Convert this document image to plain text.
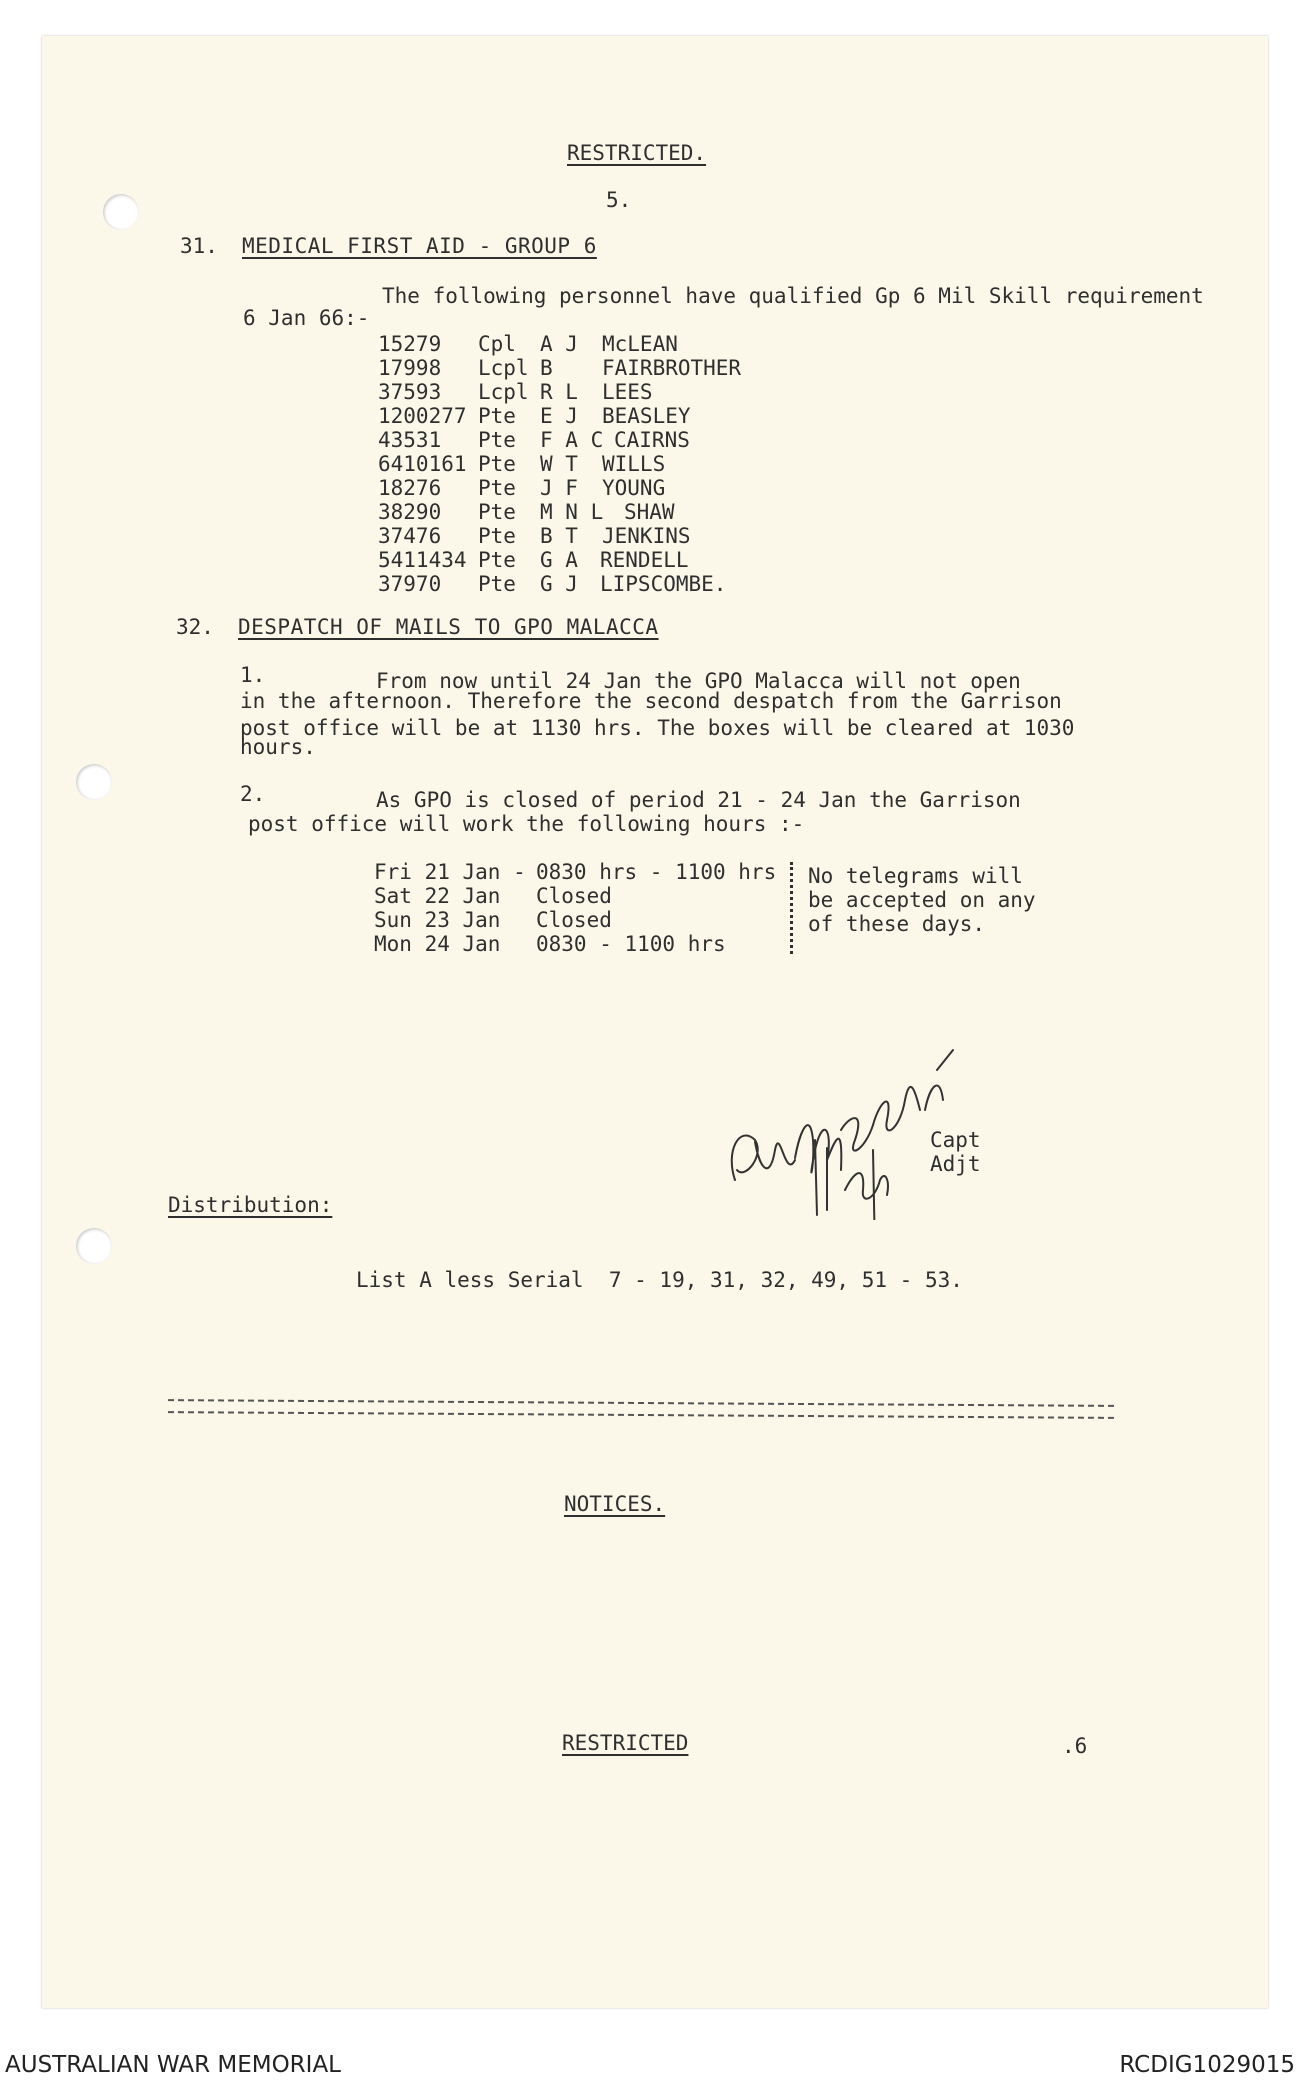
RESTRICTED.
5.
31. MEDICAL FIRST AID - GROUP 6
The following personnel have qualified Gp 6 Mil Skill requirement
6 Jan 66:-
15279 Cpl A J McLEAN
17998 Lcpl B FAIRBROTHER
37593 Lcpl R L LEES
1200277 Pte E J BEASLEY
43531 Pte F A C CAIRNS
6410161 Pte W T WILLS
18276 Pte J F YOUNG
38290 Pte M N L SHAW
37476 Pte B T JENKINS
5411434 Pte G A RENDELL
37970 Pte G J LIPSCOMBE.
32. DESPATCH OF MAILS TO GPO MALACCA
1.	From now until 24 Jan the GPO Malacca will not open
in the afternoon. Therefore the second despatch from the Garrison
post office will be at 1130 hrs. The boxes will be cleared at 1030
hours.
2.	As GPO is closed of period 21 - 24 Jan the Garrison
post office will work the following hours :-
Fri 21 Jan - 0830 hrs - 1100 hrs
Sat 22 Jan Closed
Sun 23 Jan Closed
Mon 24 Jan 0830 - 1100 hrs
No telegrams will
be accepted on any
of these days.
Capt
Adjt
Distribution:
List A less Serial  7 - 19, 31, 32, 49, 51 - 53.
NOTICES.
RESTRICTED	.6
AUSTRALIAN WAR MEMORIAL	RCDIG1029015
